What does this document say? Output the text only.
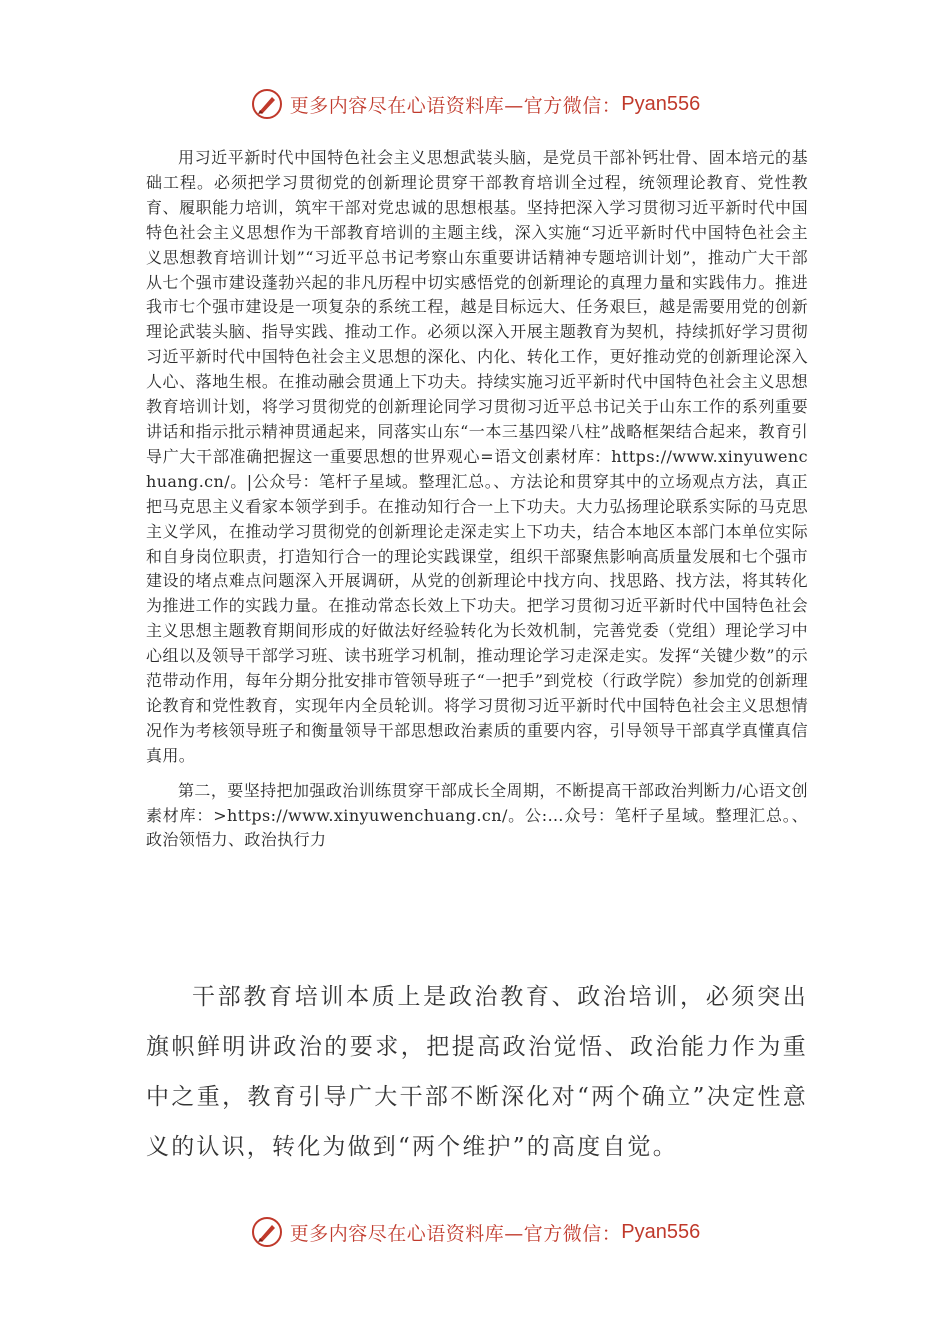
更多内容尽在心语资料库—官方微信： Pyan556

用习近平新时代中国特色社会主义思想武装头脑，是党员干部补钙壮骨、固本培元的基础工程。必须把学习贯彻党的创新理论贯穿干部教育培训全过程，统领理论教育、党性教育、履职能力培训，筑牢干部对党忠诚的思想根基。坚持把深入学习贯彻习近平新时代中国特色社会主义思想作为干部教育培训的主题主线，深入实施“习近平新时代中国特色社会主义思想教育培训计划”“习近平总书记考察山东重要讲话精神专题培训计划”，推动广大干部从七个强市建设蓬勃兴起的非凡历程中切实感悟党的创新理论的真理力量和实践伟力。推进我市七个强市建设是一项复杂的系统工程，越是目标远大、任务艰巨，越是需要用党的创新理论武装头脑、指导实践、推动工作。必须以深入开展主题教育为契机，持续抓好学习贯彻习近平新时代中国特色社会主义思想的深化、内化、转化工作，更好推动党的创新理论深入人心、落地生根。在推动融会贯通上下功夫。持续实施习近平新时代中国特色社会主义思想教育培训计划，将学习贯彻党的创新理论同学习贯彻习近平总书记关于山东工作的系列重要讲话和指示批示精神贯通起来，同落实山东“一本三基四梁八柱”战略框架结合起来，教育引导广大干部准确把握这一重要思想的世界观心=语文创素材库：https://www.xinyuwenchuang.cn/。|公众号：笔杆子星域。整理汇总。、方法论和贯穿其中的立场观点方法，真正把马克思主义看家本领学到手。在推动知行合一上下功夫。大力弘扬理论联系实际的马克思主义学风，在推动学习贯彻党的创新理论走深走实上下功夫，结合本地区本部门本单位实际和自身岗位职责，打造知行合一的理论实践课堂，组织干部聚焦影响高质量发展和七个强市建设的堵点难点问题深入开展调研，从党的创新理论中找方向、找思路、找方法，将其转化为推进工作的实践力量。在推动常态长效上下功夫。把学习贯彻习近平新时代中国特色社会主义思想主题教育期间形成的好做法好经验转化为长效机制，完善党委（党组）理论学习中心组以及领导干部学习班、读书班学习机制，推动理论学习走深走实。发挥“关键少数”的示范带动作用，每年分期分批安排市管领导班子“一把手”到党校（行政学院）参加党的创新理论教育和党性教育，实现年内全员轮训。将学习贯彻习近平新时代中国特色社会主义思想情况作为考核领导班子和衡量领导干部思想政治素质的重要内容，引导领导干部真学真懂真信真用。

第二，要坚持把加强政治训练贯穿干部成长全周期，不断提高干部政治判断力/心语文创素材库：>https://www.xinyuwenchuang.cn/。公:…众号：笔杆子星域。整理汇总。、政治领悟力、政治执行力

干部教育培训本质上是政治教育、政治培训，必须突出旗帜鲜明讲政治的要求，把提高政治觉悟、政治能力作为重中之重，教育引导广大干部不断深化对“两个确立”决定性意义的认识，转化为做到“两个维护”的高度自觉。

更多内容尽在心语资料库—官方微信： Pyan556
